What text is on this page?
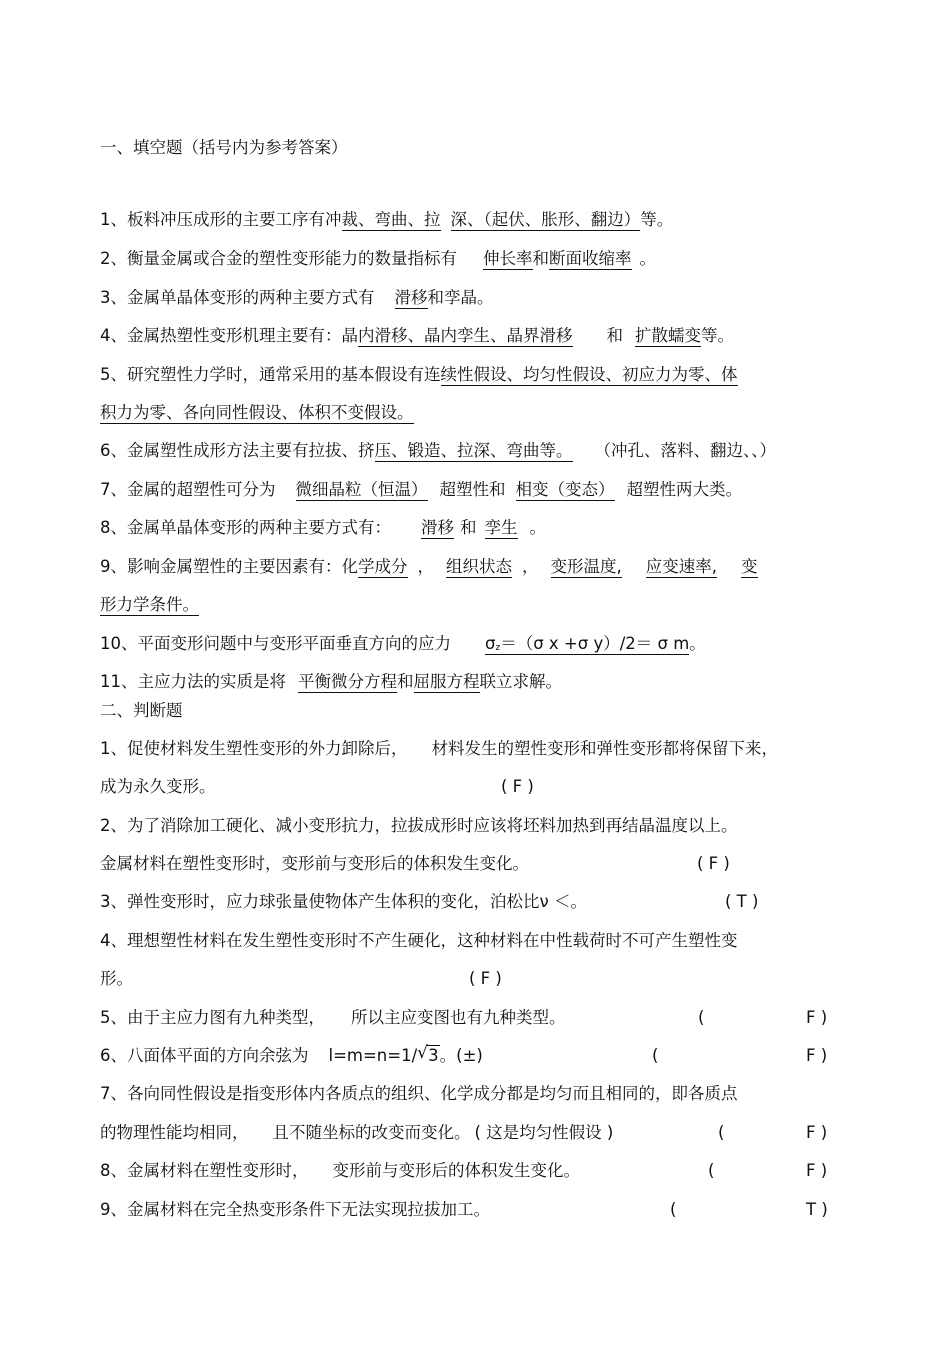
一、填空题（括号内为参考答案）
1、板料冲压成形的主要工序有冲裁、弯曲、拉 深、（起伏、胀形、翻边）等。
2、衡量金属或合金的塑性变形能力的数量指标有 伸长率和断面收缩率 。
3、金属单晶体变形的两种主要方式有 滑移和孪晶。
4、金属热塑性变形机理主要有：晶内滑移、晶内孪生、晶界滑移 和 扩散蠕变等。
5、研究塑性力学时，通常采用的基本假设有连续性假设、均匀性假设、初应力为零、体
积力为零、各向同性假设、体积不变假设。
6、金属塑性成形方法主要有拉拔、挤压、锻造、拉深、弯曲等。 （冲孔、落料、翻边、、）
7、金属的超塑性可分为 微细晶粒（恒温） 超塑性和 相变（变态） 超塑性两大类。
8、金属单晶体变形的两种主要方式有： 滑移 和 孪生 。
9、影响金属塑性的主要因素有：化学成分 ， 组织状态 ， 变形温度, 应变速率, 变
形力学条件。
10、平面变形问题中与变形平面垂直方向的应力 σz＝（σ x +σ y）/2＝ σ m。
11、主应力法的实质是将 平衡微分方程和屈服方程联立求解。
二、判断题
1、促使材料发生塑性变形的外力卸除后， 材料发生的塑性变形和弹性变形都将保留下来，
成为永久变形。	( F )
2、为了消除加工硬化、减小变形抗力，拉拔成形时应该将坯料加热到再结晶温度以上。
金属材料在塑性变形时，变形前与变形后的体积发生变化。	( F )
3、弹性变形时，应力球张量使物体产生体积的变化，泊松比ν ＜。	( T )
4、理想塑性材料在发生塑性变形时不产生硬化，这种材料在中性载荷时不可产生塑性变
形。	( F )
5、由于主应力图有九种类型， 所以主应变图也有九种类型。	(	F )
6、八面体平面的方向余弦为 l=m=n=1/ √ 3。(±)	(	F )
7、各向同性假设是指变形体内各质点的组织、化学成分都是均匀而且相同的，即各质点
的物理性能均相同， 且不随坐标的改变而变化。 ( 这是均匀性假设 )	(	F )
8、金属材料在塑性变形时， 变形前与变形后的体积发生变化。	(	F )
9、金属材料在完全热变形条件下无法实现拉拔加工。	(	T )
